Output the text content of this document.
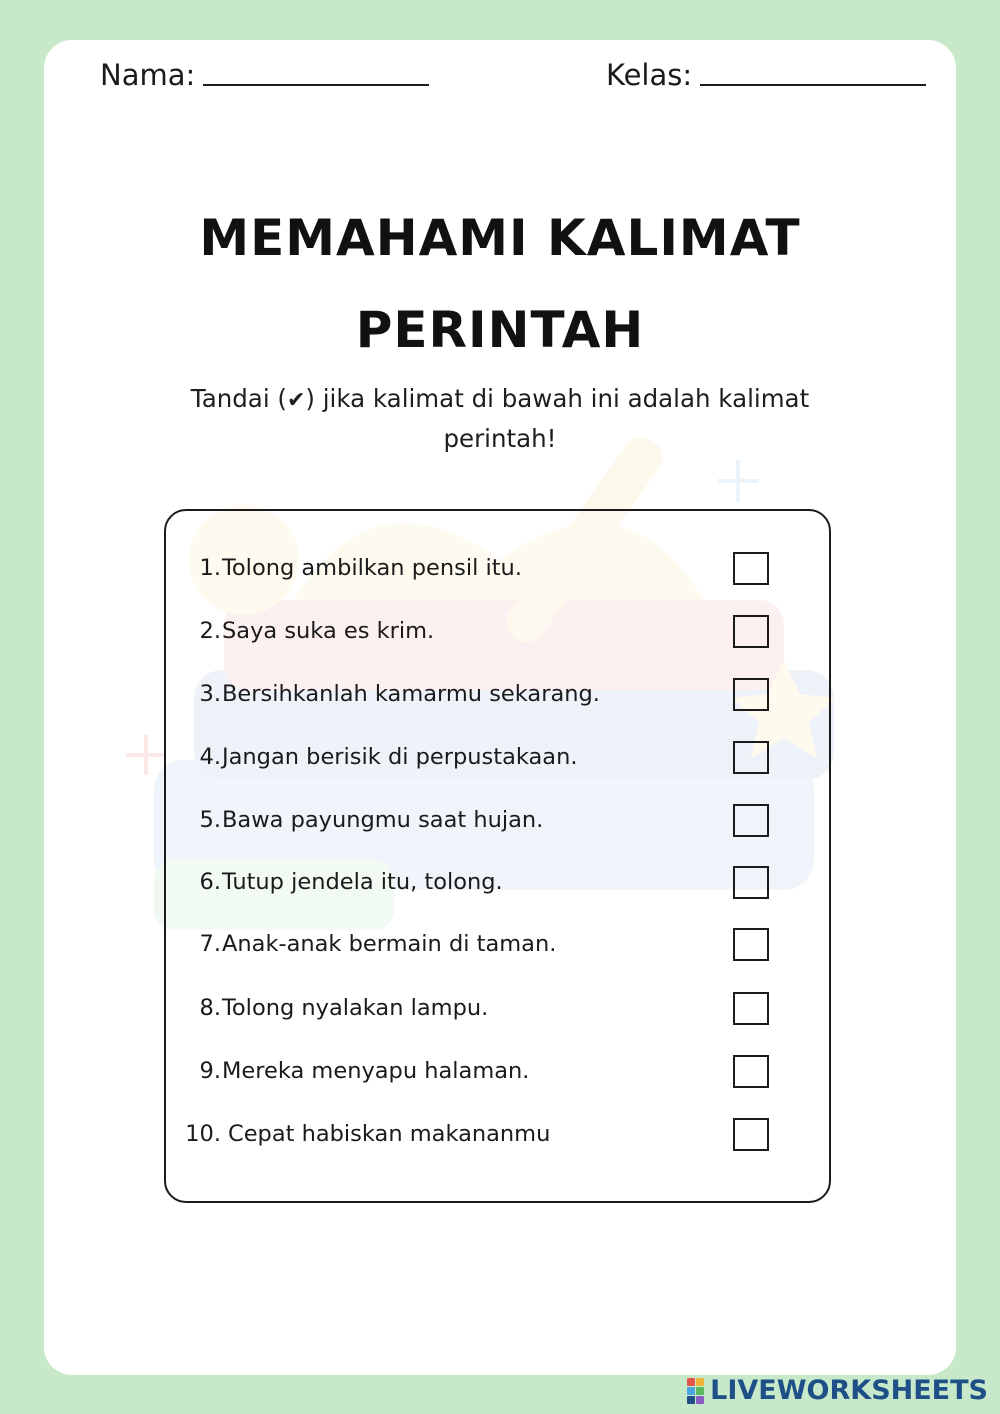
Nama:	Kelas:
MEMAHAMI KALIMAT
PERINTAH
Tandai (✔) jika kalimat di bawah ini adalah kalimat perintah!
1. Tolong ambilkan pensil itu.
2. Saya suka es krim.
3. Bersihkanlah kamarmu sekarang.
4. Jangan berisik di perpustakaan.
5. Bawa payungmu saat hujan.
6. Tutup jendela itu, tolong.
7. Anak-anak bermain di taman.
8. Tolong nyalakan lampu.
9. Mereka menyapu halaman.
10. Cepat habiskan makananmu
LIVEWORKSHEETS
